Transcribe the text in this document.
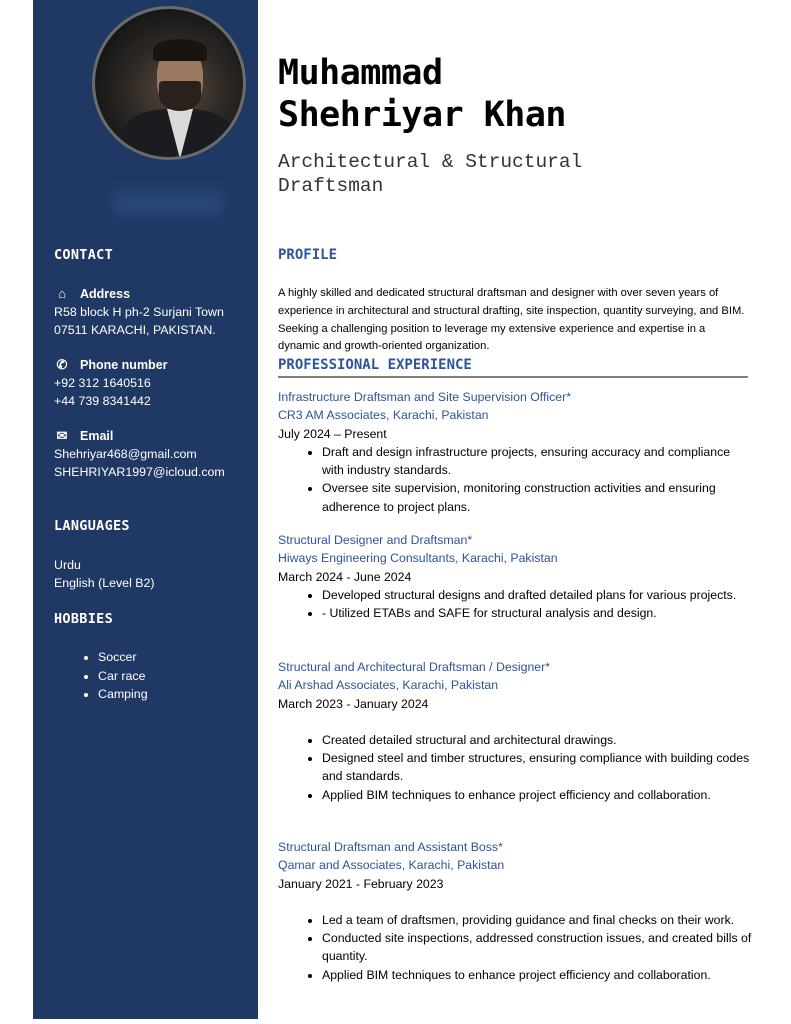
CONTACT
⌂	Address
R58 block H ph-2 Surjani Town
07511 KARACHI, PAKISTAN.
✆ Phone number
+92 312 1640516
+44 739 8341442
✉ Email
Shehriyar468@gmail.com
SHEHRIYAR1997@icloud.com
LANGUAGES
Urdu
English (Level B2)
HOBBIES
• Soccer
• Car race
• Camping
Muhammad
Shehriyar Khan
Architectural & Structural
Draftsman
PROFILE
A highly skilled and dedicated structural draftsman and designer with over seven years of experience in architectural and structural drafting, site inspection, quantity surveying, and BIM. Seeking a challenging position to leverage my extensive experience and expertise in a dynamic and growth-oriented organization.
PROFESSIONAL EXPERIENCE
Infrastructure Draftsman and Site Supervision Officer*
CR3 AM Associates, Karachi, Pakistan
July 2024 – Present
• Draft and design infrastructure projects, ensuring accuracy and compliance with industry standards.
• Oversee site supervision, monitoring construction activities and ensuring adherence to project plans.
Structural Designer and Draftsman*
Hiways Engineering Consultants, Karachi, Pakistan
March 2024 - June 2024
• Developed structural designs and drafted detailed plans for various projects.
• - Utilized ETABs and SAFE for structural analysis and design.
Structural and Architectural Draftsman / Designer*
Ali Arshad Associates, Karachi, Pakistan
March 2023 - January 2024
• Created detailed structural and architectural drawings.
• Designed steel and timber structures, ensuring compliance with building codes and standards.
• Applied BIM techniques to enhance project efficiency and collaboration.
Structural Draftsman and Assistant Boss*
Qamar and Associates, Karachi, Pakistan
January 2021 - February 2023
• Led a team of draftsmen, providing guidance and final checks on their work.
• Conducted site inspections, addressed construction issues, and created bills of quantity.
• Applied BIM techniques to enhance project efficiency and collaboration.
